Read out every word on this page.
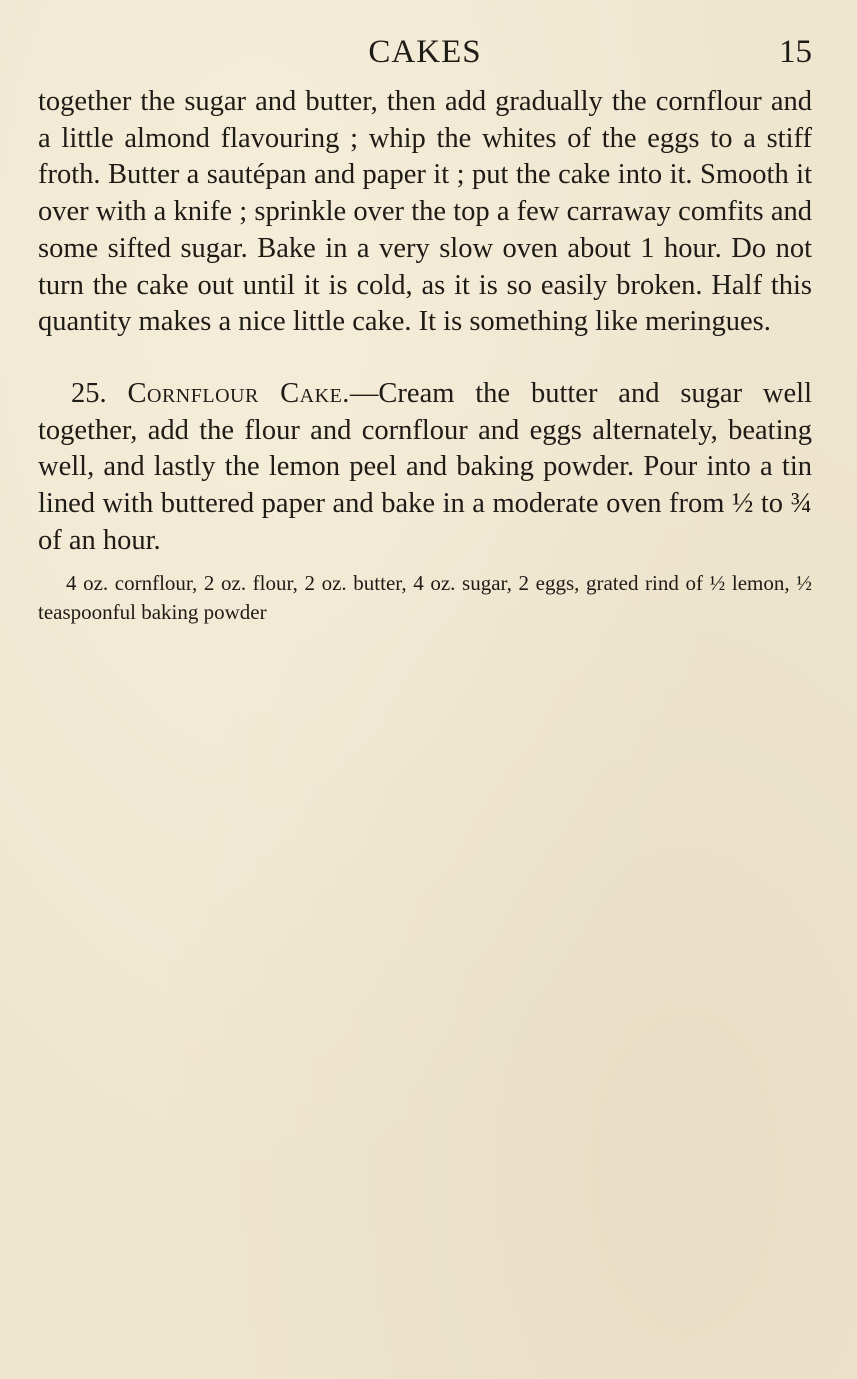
CAKES	15

together the sugar and butter, then add gradually the cornflour and a little almond flavouring ; whip the whites of the eggs to a stiff froth. Butter a sautépan and paper it ; put the cake into it. Smooth it over with a knife ; sprinkle over the top a few carraway comfits and some sifted sugar. Bake in a very slow oven about 1 hour. Do not turn the cake out until it is cold, as it is so easily broken. Half this quantity makes a nice little cake. It is something like meringues.

25. Cornflour Cake.—Cream the butter and sugar well together, add the flour and cornflour and eggs alternately, beating well, and lastly the lemon peel and baking powder. Pour into a tin lined with buttered paper and bake in a moderate oven from ½ to ¾ of an hour.

4 oz. cornflour, 2 oz. flour, 2 oz. butter, 4 oz. sugar, 2 eggs, grated rind of ½ lemon, ½ teaspoonful baking powder
